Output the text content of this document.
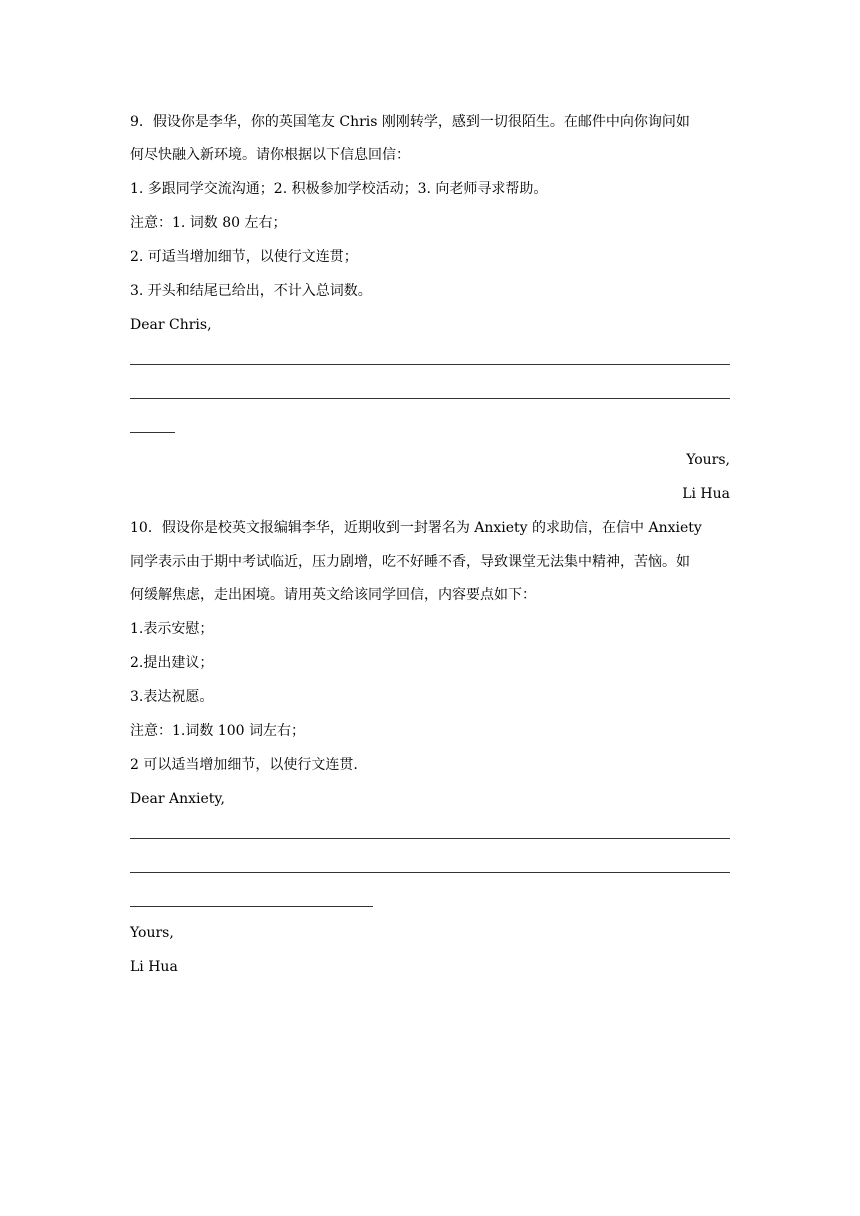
9．假设你是李华，你的英国笔友 Chris 刚刚转学，感到一切很陌生。在邮件中向你询问如
何尽快融入新环境。请你根据以下信息回信：
1. 多跟同学交流沟通；2. 积极参加学校活动；3. 向老师寻求帮助。
注意：1. 词数 80 左右；
2. 可适当增加细节，以使行文连贯；
3. 开头和结尾已给出，不计入总词数。
Dear Chris,
Yours,
Li Hua
10．假设你是校英文报编辑李华，近期收到一封署名为 Anxiety 的求助信，在信中 Anxiety
同学表示由于期中考试临近，压力剧增，吃不好睡不香，导致课堂无法集中精神，苦恼。如
何缓解焦虑，走出困境。请用英文给该同学回信，内容要点如下：
1.表示安慰；
2.提出建议；
3.表达祝愿。
注意：1.词数 100 词左右；
2 可以适当增加细节，以使行文连贯.
Dear Anxiety,
Yours,
Li Hua
